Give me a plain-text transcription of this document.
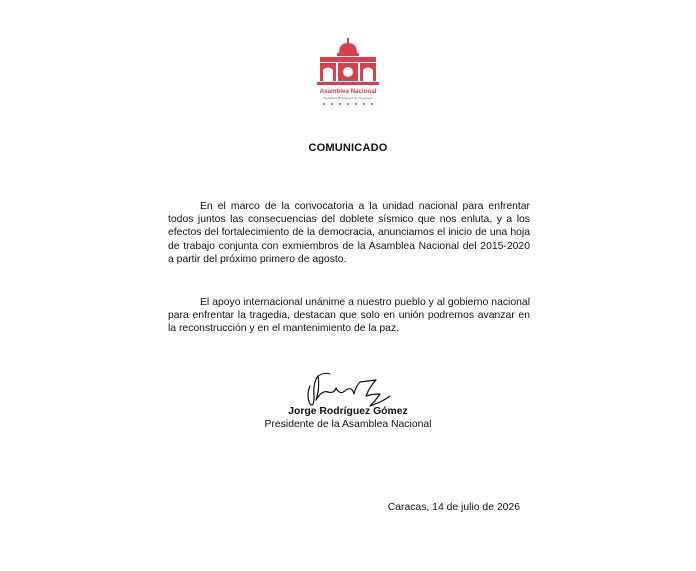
Asamblea Nacional
República Bolivariana de Venezuela
COMUNICADO

En el marco de la convocatoria a la unidad nacional para enfrentar todos juntos las consecuencias del doblete sísmico que nos enluta, y a los efectos del fortalecimiento de la democracia, anunciamos el inicio de una hoja de trabajo conjunta con exmiembros de la Asamblea Nacional del 2015-2020 a partir del próximo primero de agosto.

El apoyo internacional unánime a nuestro pueblo y al gobierno nacional para enfrentar la tragedia, destacan que solo en unión podremos avanzar en la reconstrucción y en el mantenimiento de la paz.

Jorge Rodríguez Gómez
Presidente de la Asamblea Nacional
Caracas, 14 de julio de 2026
